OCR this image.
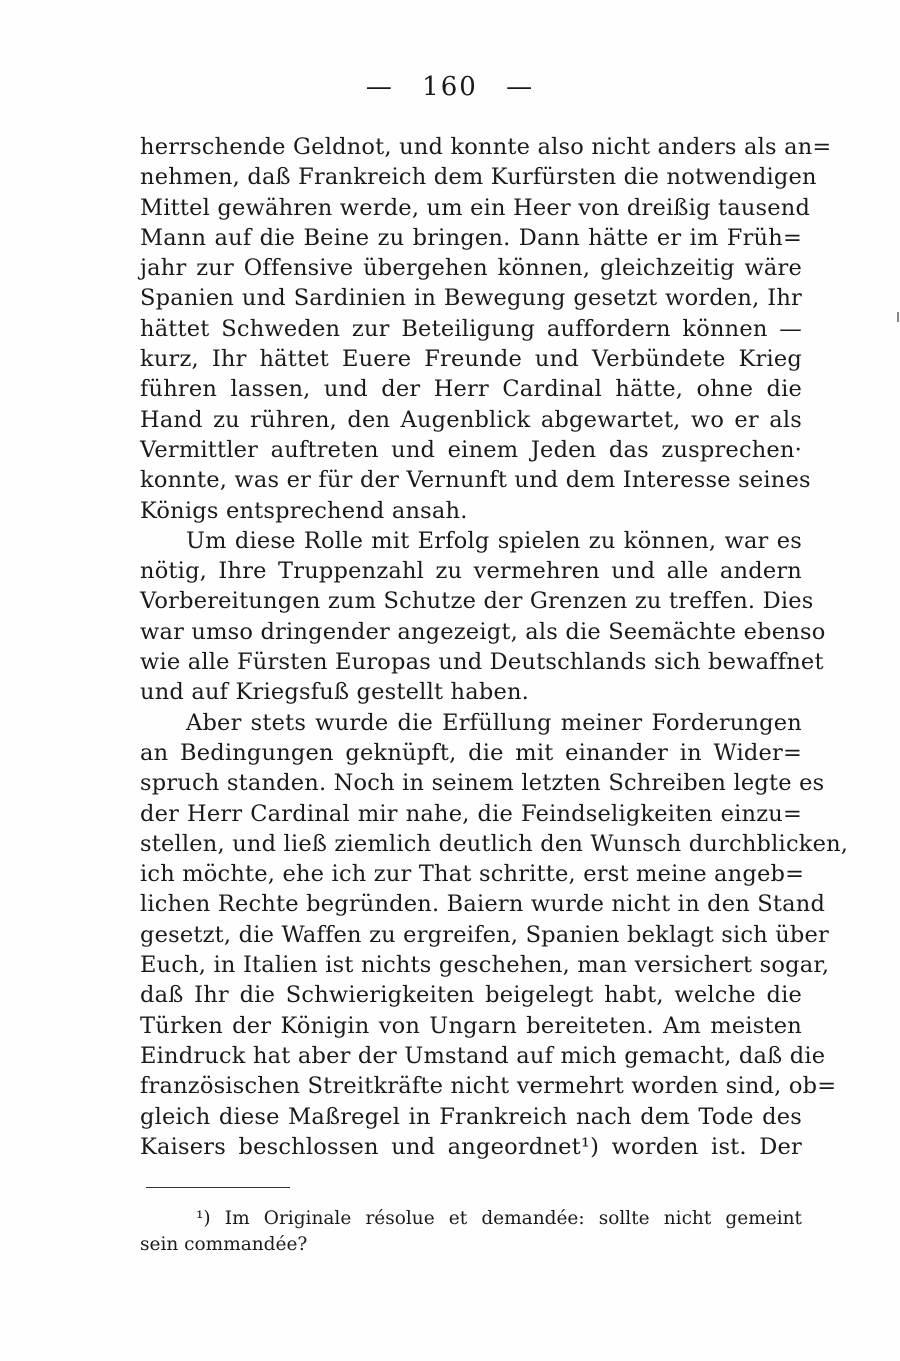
— 160 —
herrschende Geldnot, und konnte also nicht anders als an=
nehmen, daß Frankreich dem Kurfürsten die notwendigen
Mittel gewähren werde, um ein Heer von dreißig tausend
Mann auf die Beine zu bringen. Dann hätte er im Früh=
jahr zur Offensive übergehen können, gleichzeitig wäre
Spanien und Sardinien in Bewegung gesetzt worden, Ihr
hättet Schweden zur Beteiligung auffordern können —
kurz, Ihr hättet Euere Freunde und Verbündete Krieg
führen lassen, und der Herr Cardinal hätte, ohne die
Hand zu rühren, den Augenblick abgewartet, wo er als
Vermittler auftreten und einem Jeden das zusprechen·
konnte, was er für der Vernunft und dem Interesse seines
Königs entsprechend ansah.
Um diese Rolle mit Erfolg spielen zu können, war es
nötig, Ihre Truppenzahl zu vermehren und alle andern
Vorbereitungen zum Schutze der Grenzen zu treffen. Dies
war umso dringender angezeigt, als die Seemächte ebenso
wie alle Fürsten Europas und Deutschlands sich bewaffnet
und auf Kriegsfuß gestellt haben.
Aber stets wurde die Erfüllung meiner Forderungen
an Bedingungen geknüpft, die mit einander in Wider=
spruch standen. Noch in seinem letzten Schreiben legte es
der Herr Cardinal mir nahe, die Feindseligkeiten einzu=
stellen, und ließ ziemlich deutlich den Wunsch durchblicken,
ich möchte, ehe ich zur That schritte, erst meine angeb=
lichen Rechte begründen. Baiern wurde nicht in den Stand
gesetzt, die Waffen zu ergreifen, Spanien beklagt sich über
Euch, in Italien ist nichts geschehen, man versichert sogar,
daß Ihr die Schwierigkeiten beigelegt habt, welche die
Türken der Königin von Ungarn bereiteten. Am meisten
Eindruck hat aber der Umstand auf mich gemacht, daß die
französischen Streitkräfte nicht vermehrt worden sind, ob=
gleich diese Maßregel in Frankreich nach dem Tode des
Kaisers beschlossen und angeordnet¹) worden ist. Der
¹) Im Originale résolue et demandée: sollte nicht gemeint
sein commandée?
